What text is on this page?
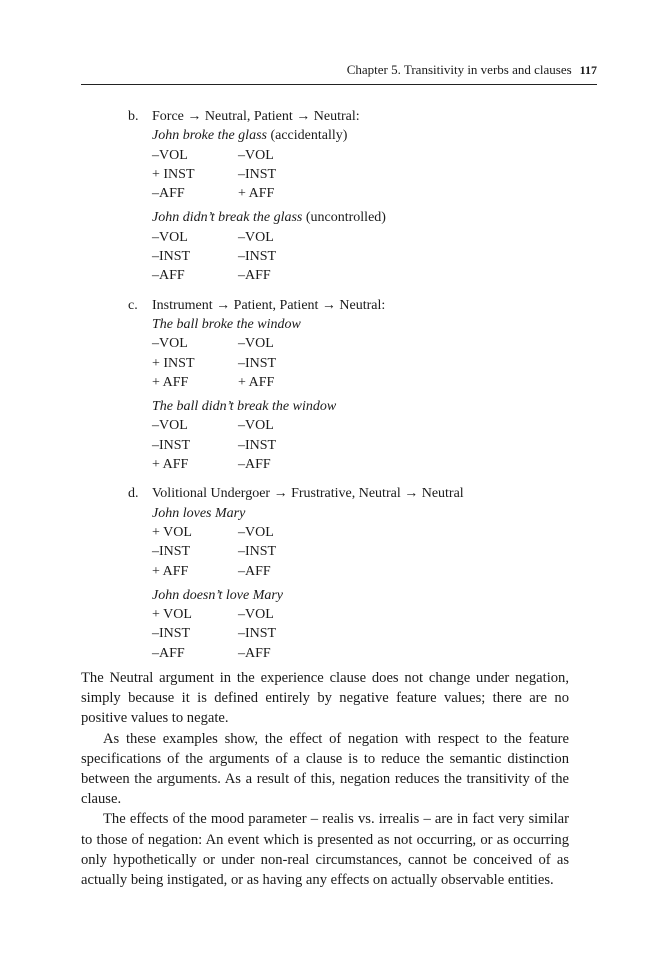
Chapter 5. Transitivity in verbs and clauses 117
b. Force → Neutral, Patient → Neutral:
John broke the glass (accidentally)
–VOL	–VOL
+ INST	–INST
–AFF	+ AFF
John didn’t break the glass (uncontrolled)
–VOL	–VOL
–INST	–INST
–AFF	–AFF
c.	Instrument → Patient, Patient → Neutral:
The ball broke the window
–VOL	–VOL
+ INST	–INST
+ AFF	+ AFF
The ball didn’t break the window
–VOL	–VOL
–INST	–INST
+ AFF	–AFF
d. Volitional Undergoer → Frustrative, Neutral → Neutral
John loves Mary
+ VOL	–VOL
–INST	–INST
+ AFF	–AFF
John doesn’t love Mary
+ VOL	–VOL
–INST	–INST
–AFF	–AFF

The Neutral argument in the experience clause does not change under negation, simply because it is defined entirely by negative feature values; there are no positive values to negate.

As these examples show, the effect of negation with respect to the feature specifications of the arguments of a clause is to reduce the semantic distinction between the arguments. As a result of this, negation reduces the transitivity of the clause.

The effects of the mood parameter – realis vs. irrealis – are in fact very similar to those of negation: An event which is presented as not occurring, or as occurring only hypothetically or under non-real circumstances, cannot be conceived of as actually being instigated, or as having any effects on actually observable entities.
